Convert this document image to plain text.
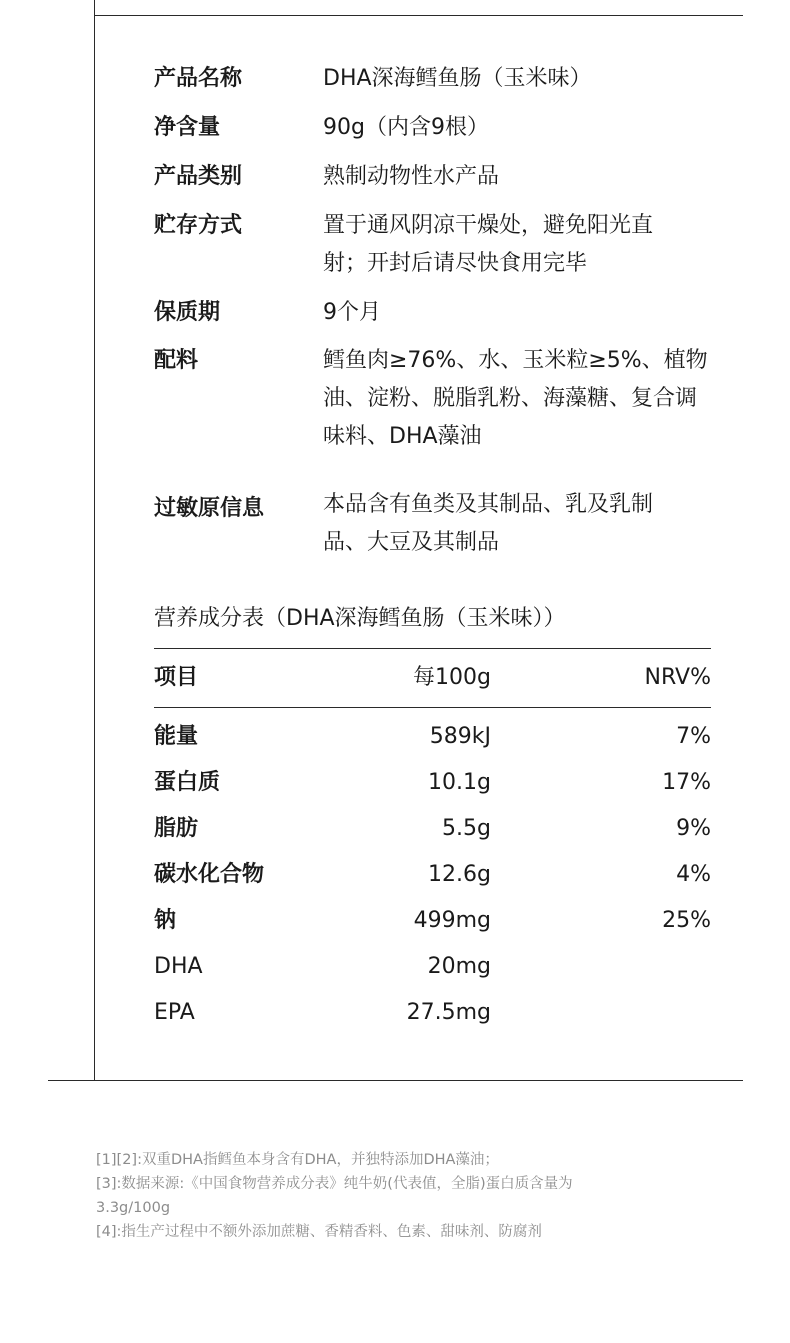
产品名称	DHA深海鳕鱼肠（玉米味）
净含量	90g（内含9根）
产品类别	熟制动物性水产品
贮存方式	置于通风阴凉干燥处，避免阳光直射；开封后请尽快食用完毕
保质期	9个月
配料	鳕鱼肉≥76%、水、玉米粒≥5%、植物油、淀粉、脱脂乳粉、海藻糖、复合调味料、DHA藻油
过敏原信息	本品含有鱼类及其制品、乳及乳制品、大豆及其制品
营养成分表（DHA深海鳕鱼肠（玉米味））
项目	每100g	NRV%
能量	589kJ	7%
蛋白质	10.1g	17%
脂肪	5.5g	9%
碳水化合物	12.6g	4%
钠	499mg	25%
DHA	20mg
EPA	27.5mg
[1][2]:双重DHA指鳕鱼本身含有DHA，并独特添加DHA藻油；
[3]:数据来源:《中国食物营养成分表》纯牛奶(代表值，全脂)蛋白质含量为3.3g/100g
[4]:指生产过程中不额外添加蔗糖、香精香料、色素、甜味剂、防腐剂
